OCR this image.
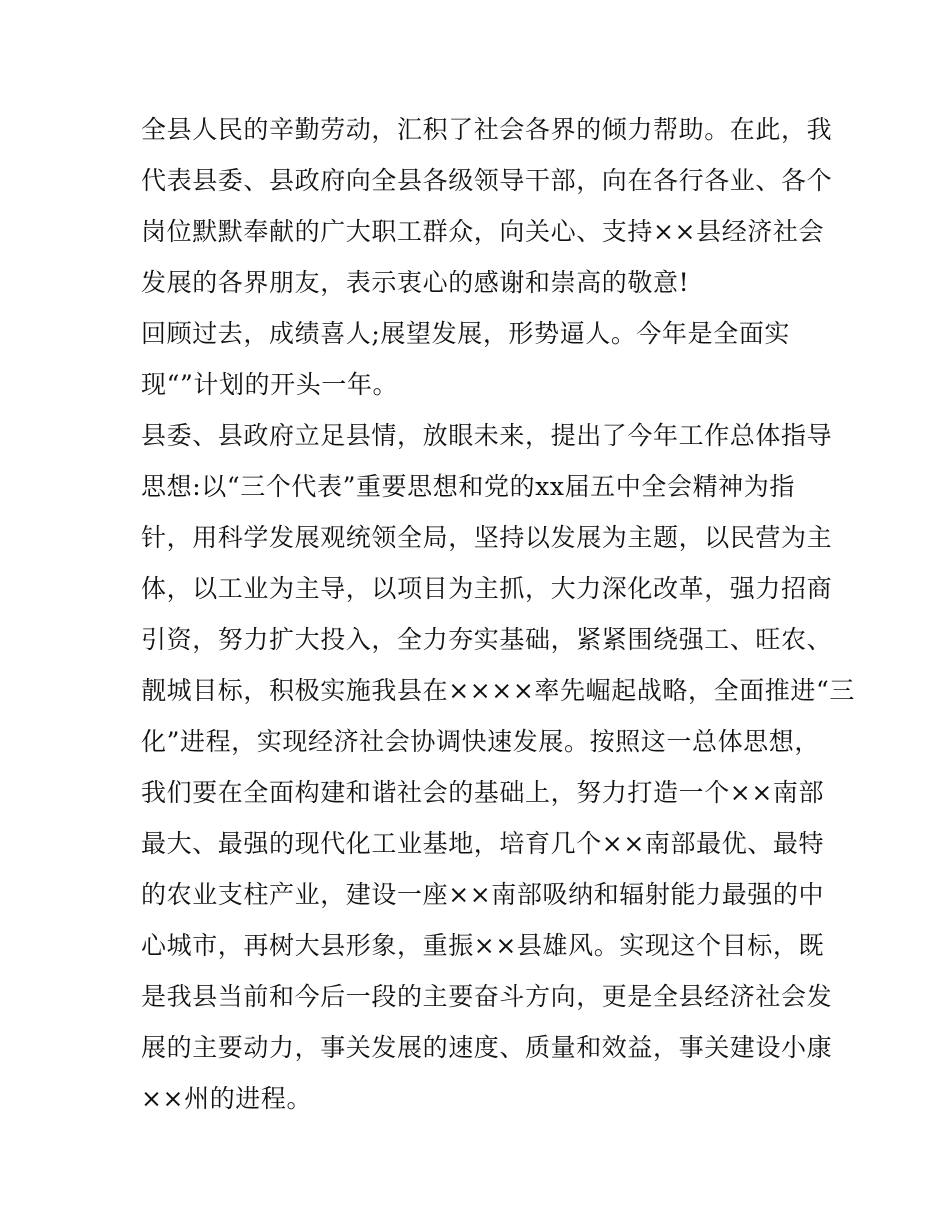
全县人民的辛勤劳动，汇积了社会各界的倾力帮助。在此，我
代表县委、县政府向全县各级领导干部，向在各行各业、各个
岗位默默奉献的广大职工群众，向关心、支持××县经济社会
发展的各界朋友，表示衷心的感谢和崇高的敬意!
回顾过去，成绩喜人;展望发展，形势逼人。今年是全面实
现“”计划的开头一年。
县委、县政府立足县情，放眼未来，提出了今年工作总体指导
思想:以“三个代表”重要思想和党的xx届五中全会精神为指
针，用科学发展观统领全局，坚持以发展为主题，以民营为主
体，以工业为主导，以项目为主抓，大力深化改革，强力招商
引资，努力扩大投入，全力夯实基础，紧紧围绕强工、旺农、
靓城目标，积极实施我县在××××率先崛起战略，全面推进“三
化”进程，实现经济社会协调快速发展。按照这一总体思想，
我们要在全面构建和谐社会的基础上，努力打造一个××南部
最大、最强的现代化工业基地，培育几个××南部最优、最特
的农业支柱产业，建设一座××南部吸纳和辐射能力最强的中
心城市，再树大县形象，重振××县雄风。实现这个目标，既
是我县当前和今后一段的主要奋斗方向，更是全县经济社会发
展的主要动力，事关发展的速度、质量和效益，事关建设小康
××州的进程。
